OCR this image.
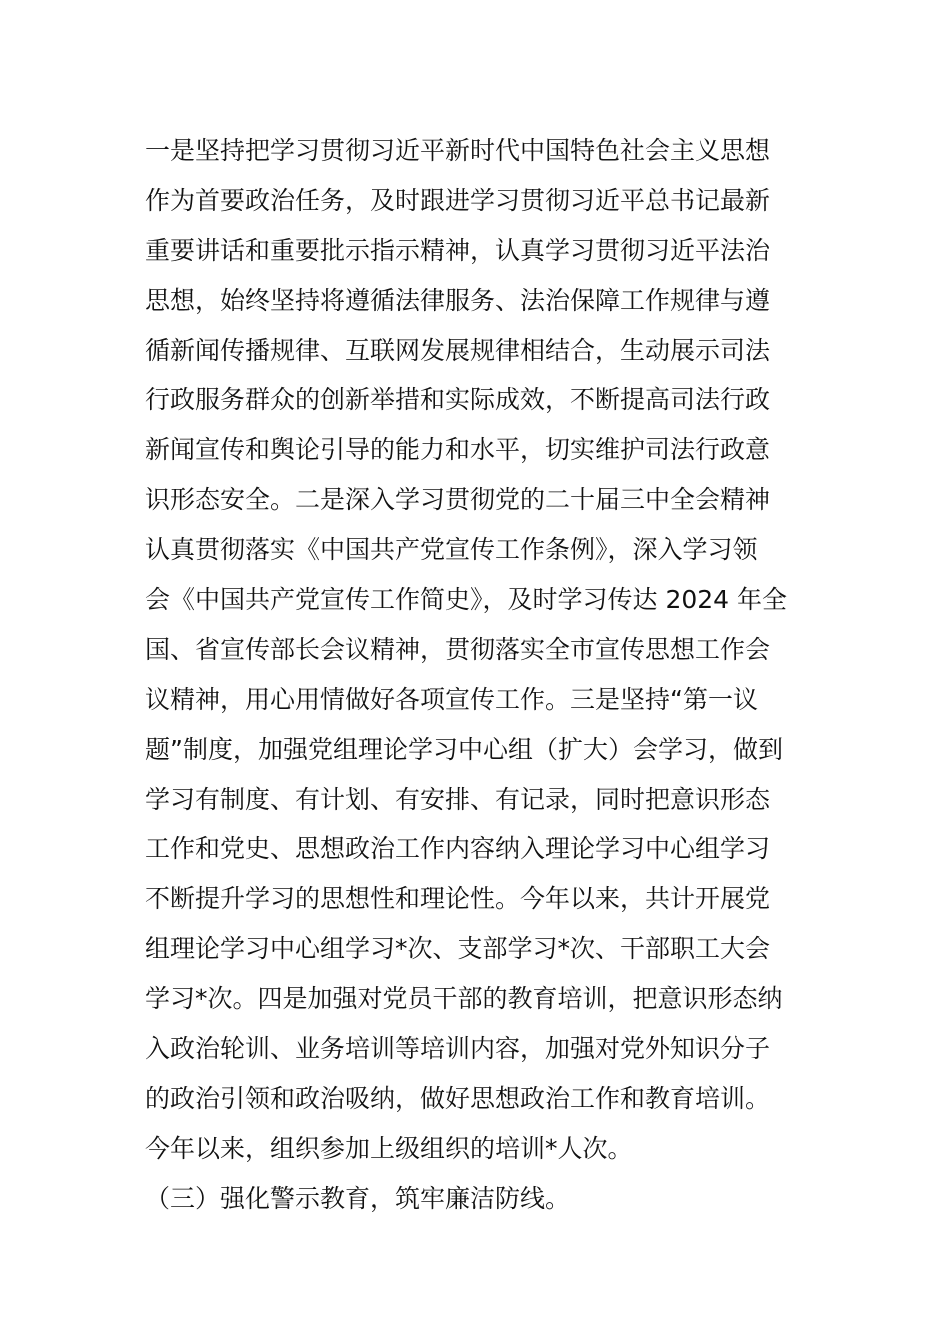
一是坚持把学习贯彻习近平新时代中国特色社会主义思想
作为首要政治任务，及时跟进学习贯彻习近平总书记最新
重要讲话和重要批示指示精神，认真学习贯彻习近平法治
思想，始终坚持将遵循法律服务、法治保障工作规律与遵
循新闻传播规律、互联网发展规律相结合，生动展示司法
行政服务群众的创新举措和实际成效，不断提高司法行政
新闻宣传和舆论引导的能力和水平，切实维护司法行政意
识形态安全。二是深入学习贯彻党的二十届三中全会精神
认真贯彻落实《中国共产党宣传工作条例》，深入学习领
会《中国共产党宣传工作简史》，及时学习传达 2024 年全
国、省宣传部长会议精神，贯彻落实全市宣传思想工作会
议精神，用心用情做好各项宣传工作。三是坚持“第一议
题”制度，加强党组理论学习中心组（扩大）会学习，做到
学习有制度、有计划、有安排、有记录，同时把意识形态
工作和党史、思想政治工作内容纳入理论学习中心组学习
不断提升学习的思想性和理论性。今年以来，共计开展党
组理论学习中心组学习*次、支部学习*次、干部职工大会
学习*次。四是加强对党员干部的教育培训，把意识形态纳
入政治轮训、业务培训等培训内容，加强对党外知识分子
的政治引领和政治吸纳，做好思想政治工作和教育培训。
今年以来，组织参加上级组织的培训*人次。
（三）强化警示教育，筑牢廉洁防线。
